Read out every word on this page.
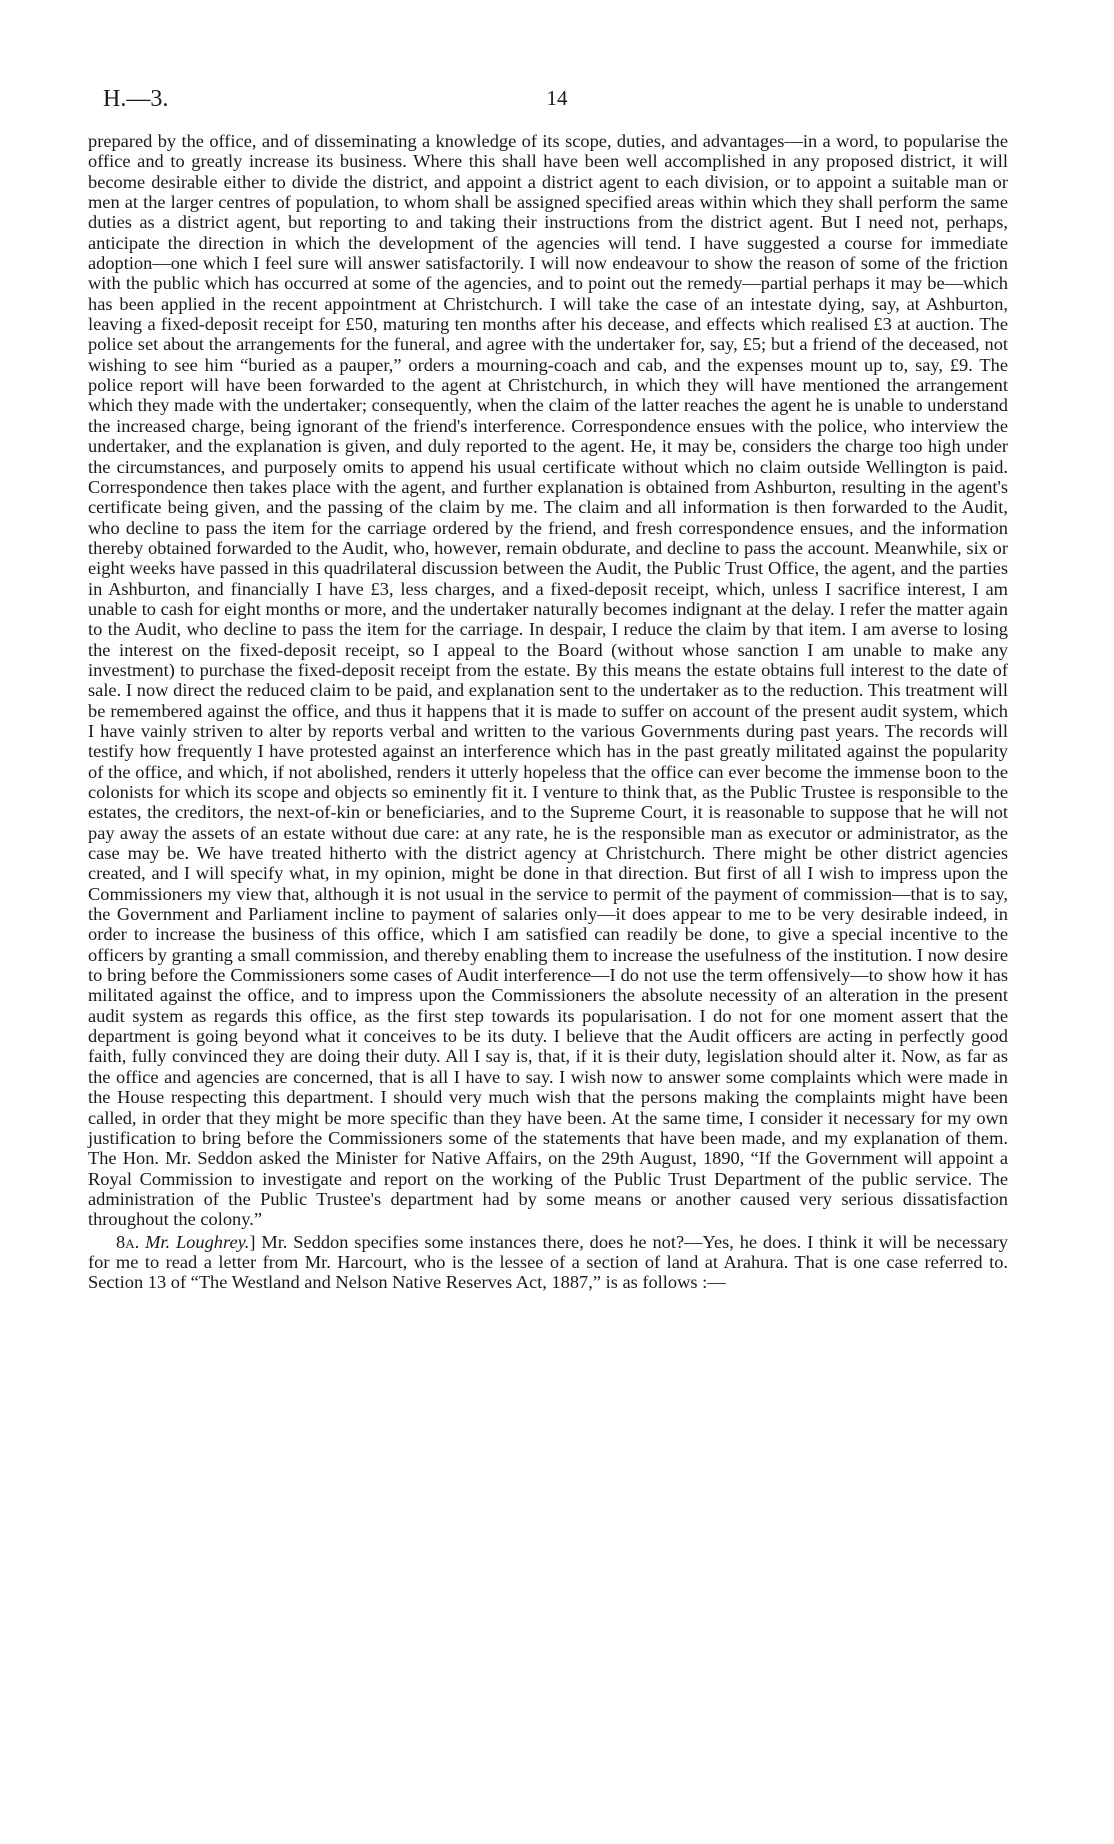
H.—3.	14

prepared by the office, and of disseminating a knowledge of its scope, duties, and advantages—in a word, to popularise the office and to greatly increase its business. Where this shall have been well accomplished in any proposed district, it will become desirable either to divide the district, and appoint a district agent to each division, or to appoint a suitable man or men at the larger centres of population, to whom shall be assigned specified areas within which they shall perform the same duties as a district agent, but reporting to and taking their instructions from the district agent. But I need not, perhaps, anticipate the direction in which the development of the agencies will tend. I have suggested a course for immediate adoption—one which I feel sure will answer satisfactorily. I will now endeavour to show the reason of some of the friction with the public which has occurred at some of the agencies, and to point out the remedy—partial perhaps it may be—which has been applied in the recent appointment at Christchurch. I will take the case of an intestate dying, say, at Ashburton, leaving a fixed-deposit receipt for £50, maturing ten months after his decease, and effects which realised £3 at auction. The police set about the arrangements for the funeral, and agree with the undertaker for, say, £5; but a friend of the deceased, not wishing to see him “buried as a pauper,” orders a mourning-coach and cab, and the expenses mount up to, say, £9. The police report will have been forwarded to the agent at Christchurch, in which they will have mentioned the arrangement which they made with the undertaker; consequently, when the claim of the latter reaches the agent he is unable to understand the increased charge, being ignorant of the friend's interference. Correspondence ensues with the police, who interview the undertaker, and the explanation is given, and duly reported to the agent. He, it may be, considers the charge too high under the circumstances, and purposely omits to append his usual certificate without which no claim outside Wellington is paid. Correspondence then takes place with the agent, and further explanation is obtained from Ashburton, resulting in the agent's certificate being given, and the passing of the claim by me. The claim and all information is then forwarded to the Audit, who decline to pass the item for the carriage ordered by the friend, and fresh correspondence ensues, and the information thereby obtained forwarded to the Audit, who, however, remain obdurate, and decline to pass the account. Meanwhile, six or eight weeks have passed in this quadrilateral discussion between the Audit, the Public Trust Office, the agent, and the parties in Ashburton, and financially I have £3, less charges, and a fixed-deposit receipt, which, unless I sacrifice interest, I am unable to cash for eight months or more, and the undertaker naturally becomes indignant at the delay. I refer the matter again to the Audit, who decline to pass the item for the carriage. In despair, I reduce the claim by that item. I am averse to losing the interest on the fixed-deposit receipt, so I appeal to the Board (without whose sanction I am unable to make any investment) to purchase the fixed-deposit receipt from the estate. By this means the estate obtains full interest to the date of sale. I now direct the reduced claim to be paid, and explanation sent to the undertaker as to the reduction. This treatment will be remembered against the office, and thus it happens that it is made to suffer on account of the present audit system, which I have vainly striven to alter by reports verbal and written to the various Governments during past years. The records will testify how frequently I have protested against an interference which has in the past greatly militated against the popularity of the office, and which, if not abolished, renders it utterly hopeless that the office can ever become the immense boon to the colonists for which its scope and objects so eminently fit it. I venture to think that, as the Public Trustee is responsible to the estates, the creditors, the next-of-kin or beneficiaries, and to the Supreme Court, it is reasonable to suppose that he will not pay away the assets of an estate without due care: at any rate, he is the responsible man as executor or administrator, as the case may be. We have treated hitherto with the district agency at Christchurch. There might be other district agencies created, and I will specify what, in my opinion, might be done in that direction. But first of all I wish to impress upon the Commissioners my view that, although it is not usual in the service to permit of the payment of commission—that is to say, the Government and Parliament incline to payment of salaries only—it does appear to me to be very desirable indeed, in order to increase the business of this office, which I am satisfied can readily be done, to give a special incentive to the officers by granting a small commission, and thereby enabling them to increase the usefulness of the institution. I now desire to bring before the Commissioners some cases of Audit interference—I do not use the term offensively—to show how it has militated against the office, and to impress upon the Commissioners the absolute necessity of an alteration in the present audit system as regards this office, as the first step towards its popularisation. I do not for one moment assert that the department is going beyond what it conceives to be its duty. I believe that the Audit officers are acting in perfectly good faith, fully convinced they are doing their duty. All I say is, that, if it is their duty, legislation should alter it. Now, as far as the office and agencies are concerned, that is all I have to say. I wish now to answer some complaints which were made in the House respecting this department. I should very much wish that the persons making the complaints might have been called, in order that they might be more specific than they have been. At the same time, I consider it necessary for my own justification to bring before the Commissioners some of the statements that have been made, and my explanation of them. The Hon. Mr. Seddon asked the Minister for Native Affairs, on the 29th August, 1890, “If the Government will appoint a Royal Commission to investigate and report on the working of the Public Trust Department of the public service. The administration of the Public Trustee's department had by some means or another caused very serious dissatisfaction throughout the colony.”

8a. Mr. Loughrey.] Mr. Seddon specifies some instances there, does he not?—Yes, he does. I think it will be necessary for me to read a letter from Mr. Harcourt, who is the lessee of a section of land at Arahura. That is one case referred to. Section 13 of “The Westland and Nelson Native Reserves Act, 1887,” is as follows :—
